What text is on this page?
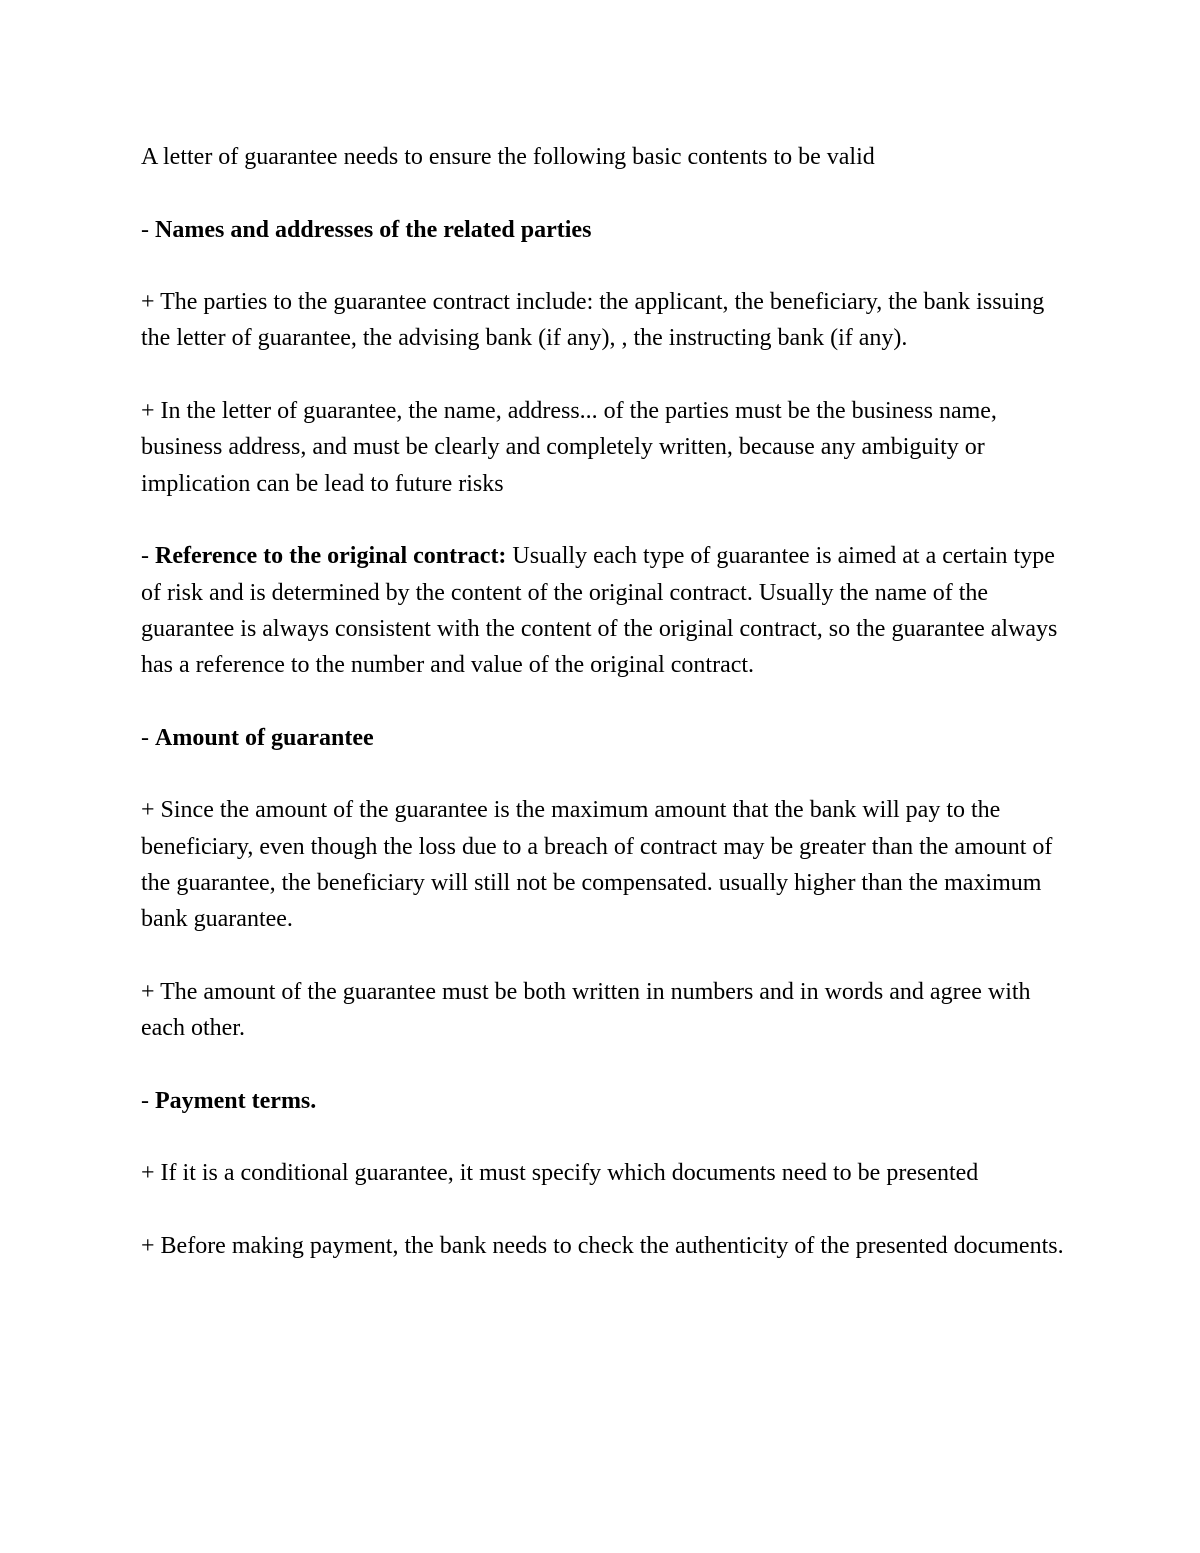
A letter of guarantee needs to ensure the following basic contents to be valid

- Names and addresses of the related parties

+ The parties to the guarantee contract include: the applicant, the beneficiary, the bank issuing the letter of guarantee, the advising bank (if any), , the instructing bank (if any).

+ In the letter of guarantee, the name, address... of the parties must be the business name, business address, and must be clearly and completely written, because any ambiguity or implication can be lead to future risks

- Reference to the original contract: Usually each type of guarantee is aimed at a certain type of risk and is determined by the content of the original contract. Usually the name of the guarantee is always consistent with the content of the original contract, so the guarantee always has a reference to the number and value of the original contract.

- Amount of guarantee

+ Since the amount of the guarantee is the maximum amount that the bank will pay to the beneficiary, even though the loss due to a breach of contract may be greater than the amount of the guarantee, the beneficiary will still not be compensated. usually higher than the maximum bank guarantee.

+ The amount of the guarantee must be both written in numbers and in words and agree with each other.

- Payment terms.

+ If it is a conditional guarantee, it must specify which documents need to be presented

+ Before making payment, the bank needs to check the authenticity of the presented documents.
